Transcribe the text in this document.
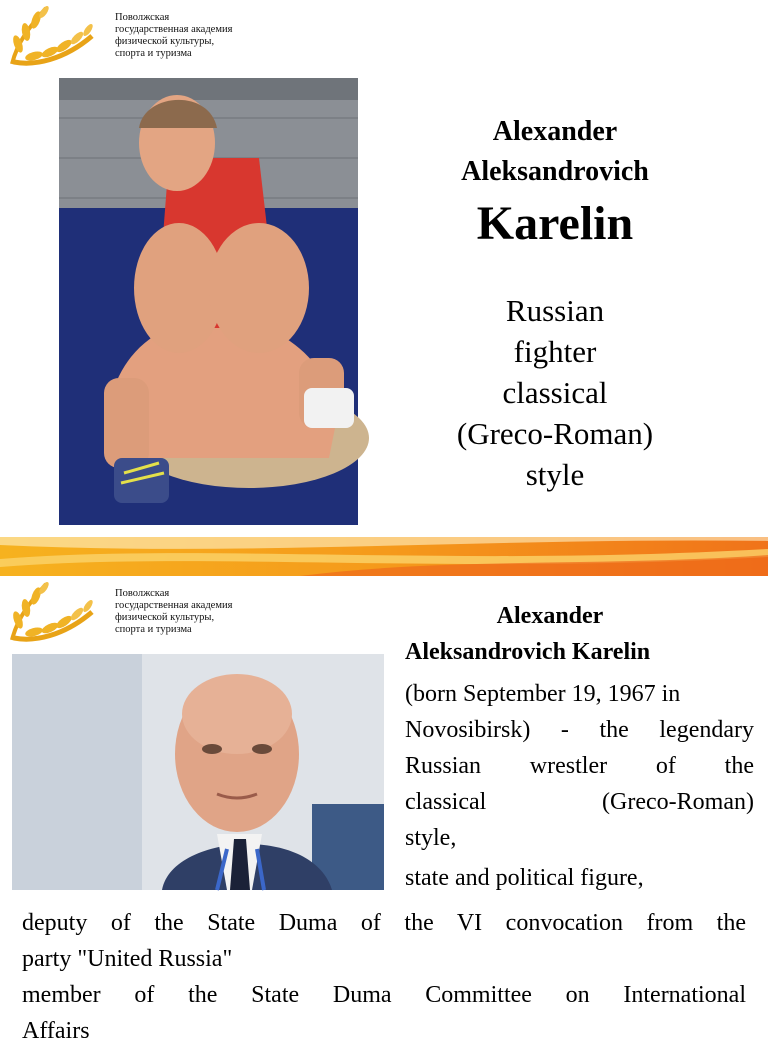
Поволжская
государственная академия
физической культуры,
спорта и туризма
Alexander
Aleksandrovich
Karelin
Russian
fighter
classical
(Greco-Roman)
style
Поволжская
государственная академия
физической культуры,
спорта и туризма
Alexander
Aleksandrovich Karelin
(born September 19, 1967 in
Novosibirsk) - the legendary
Russian wrestler of the
classical (Greco-Roman)
style,
state and political figure,
deputy of the State Duma of the VI convocation from the
party "United Russia"
member of the State Duma Committee on International
Affairs
